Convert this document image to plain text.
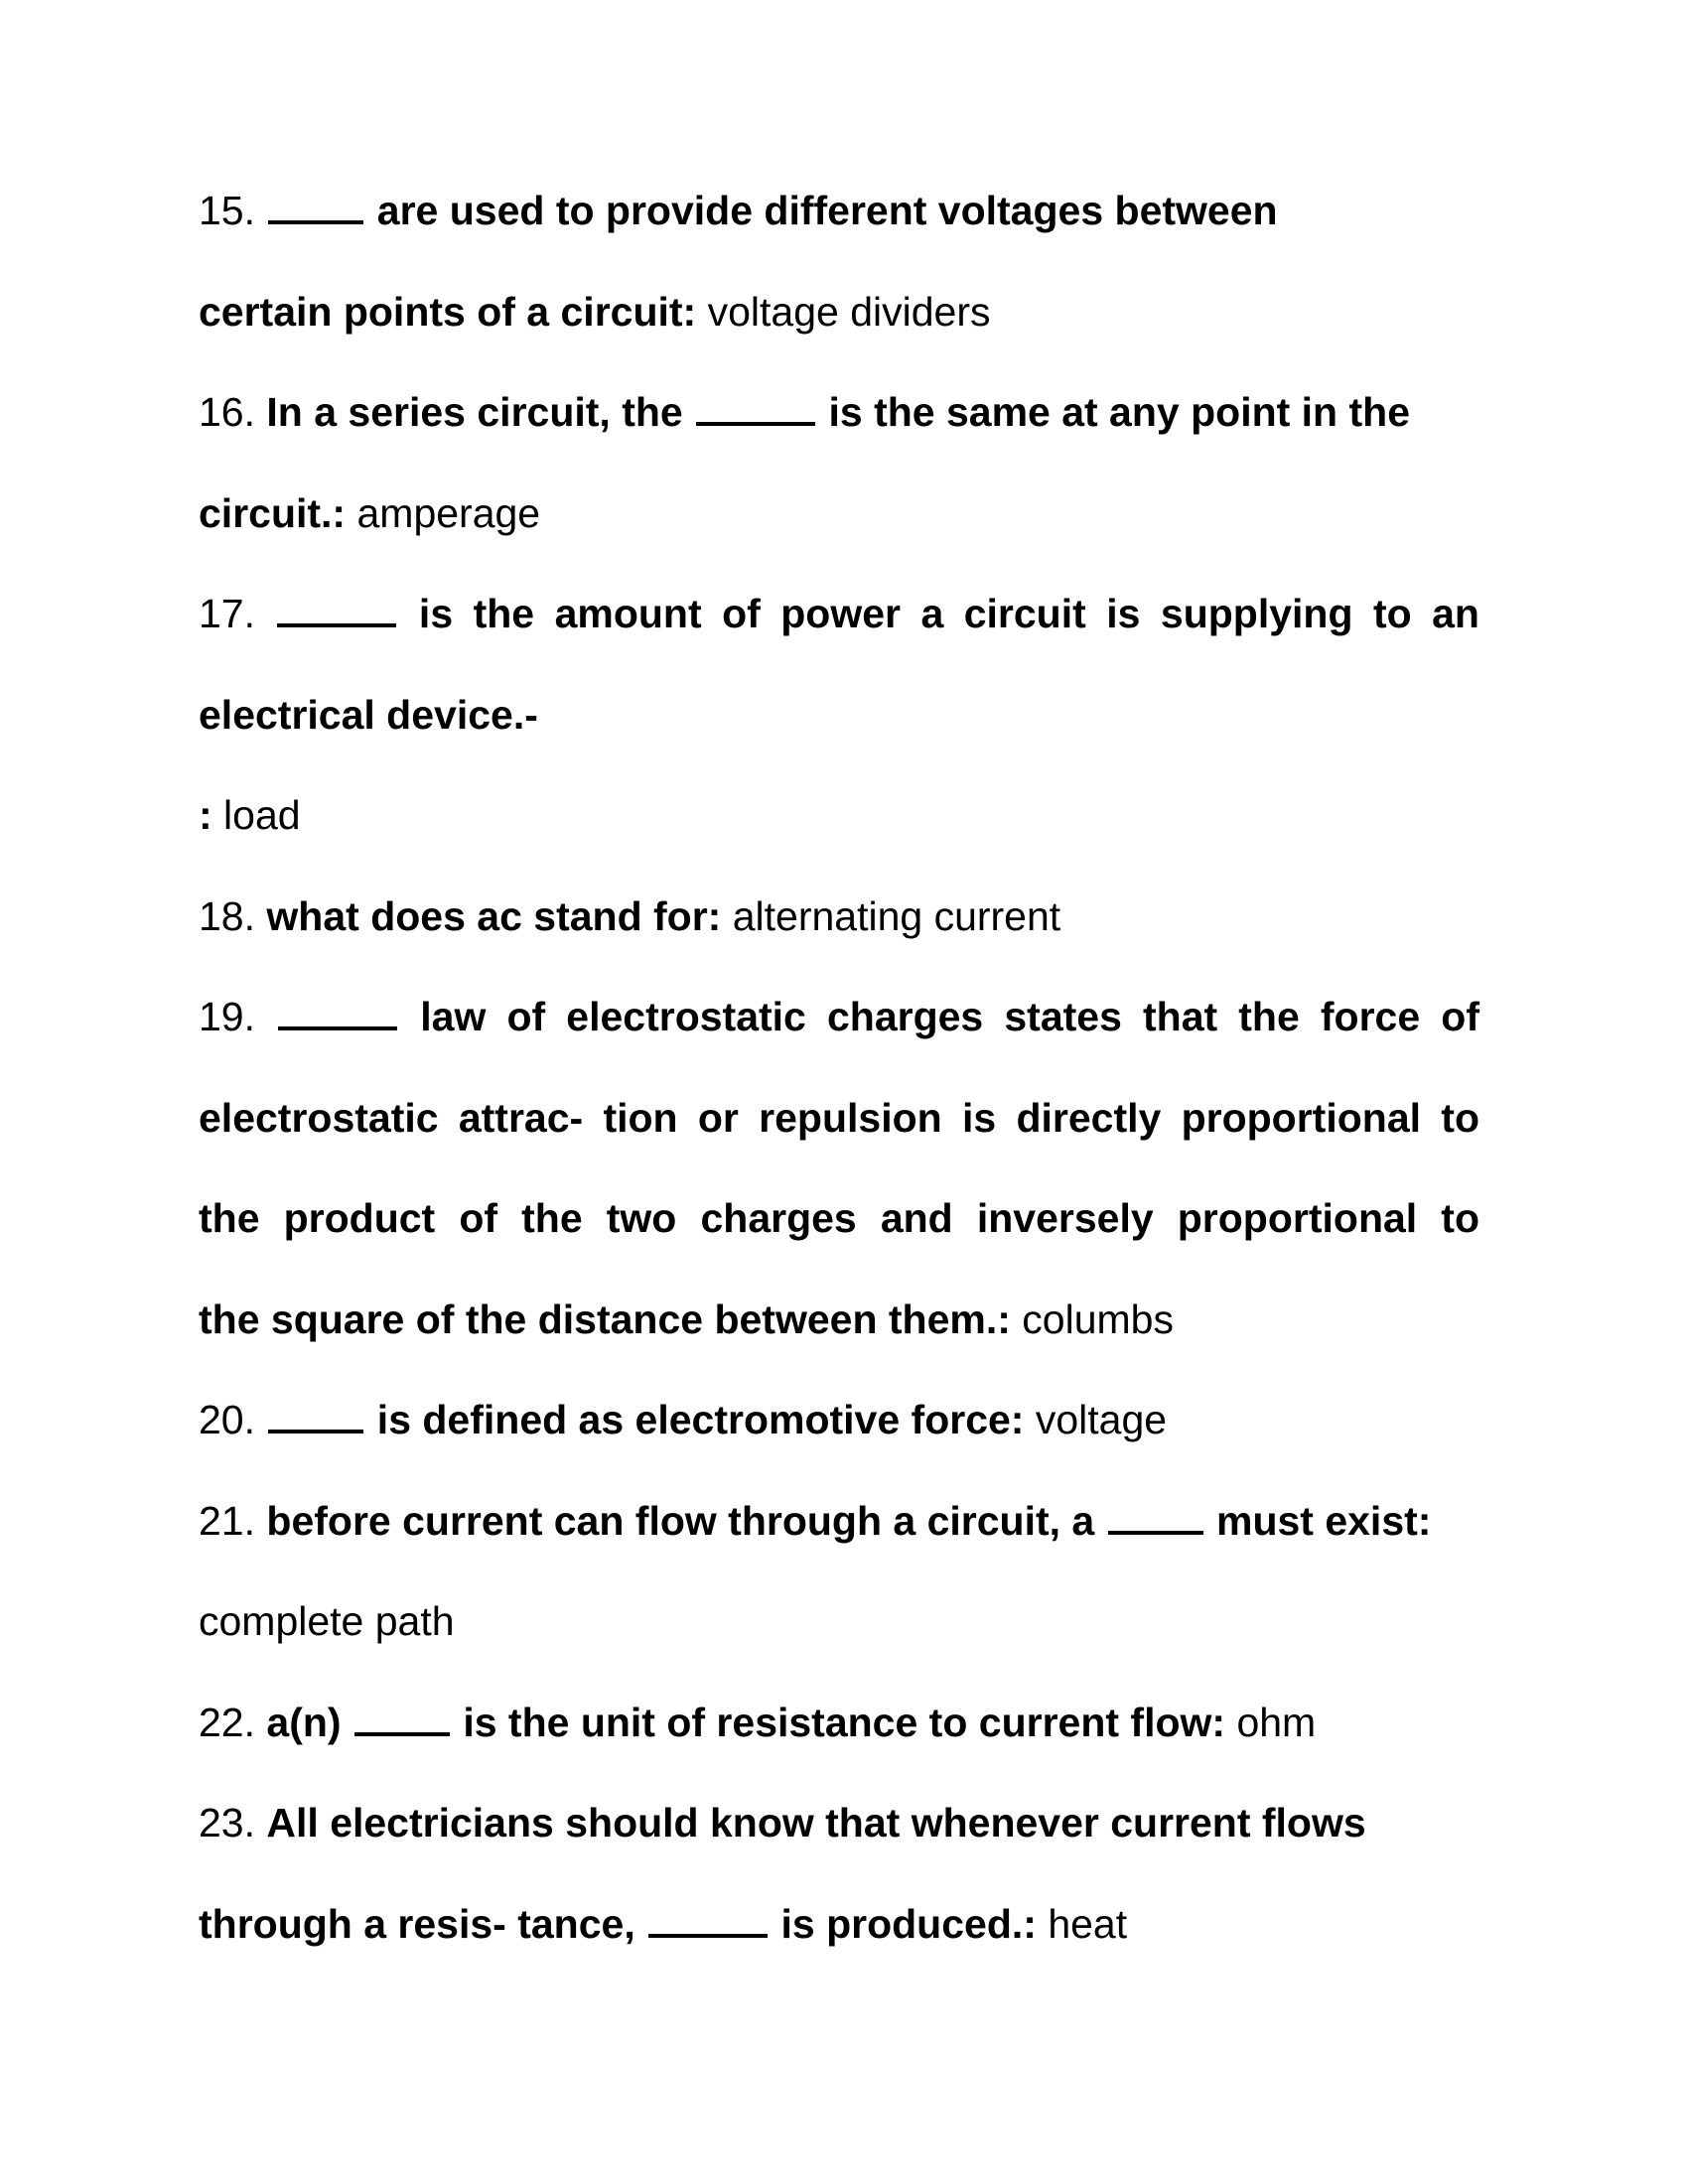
15.	are used to provide different voltages between
certain points of a circuit: voltage dividers
16. In a series circuit, the	is the same at any point in the
circuit.: amperage
17.	is the amount of power a circuit is supplying to an
electrical device.-
: load
18. what does ac stand for: alternating current
19.	law of electrostatic charges states that the force of
electrostatic attrac- tion or repulsion is directly proportional to
the product of the two charges and inversely proportional to
the square of the distance between them.: columbs
20.	is defined as electromotive force: voltage
21. before current can flow through a circuit, a  must exist:
complete path
22. a(n)  is the unit of resistance to current flow: ohm
23. All electricians should know that whenever current flows
through a resis- tance,	is produced.: heat
